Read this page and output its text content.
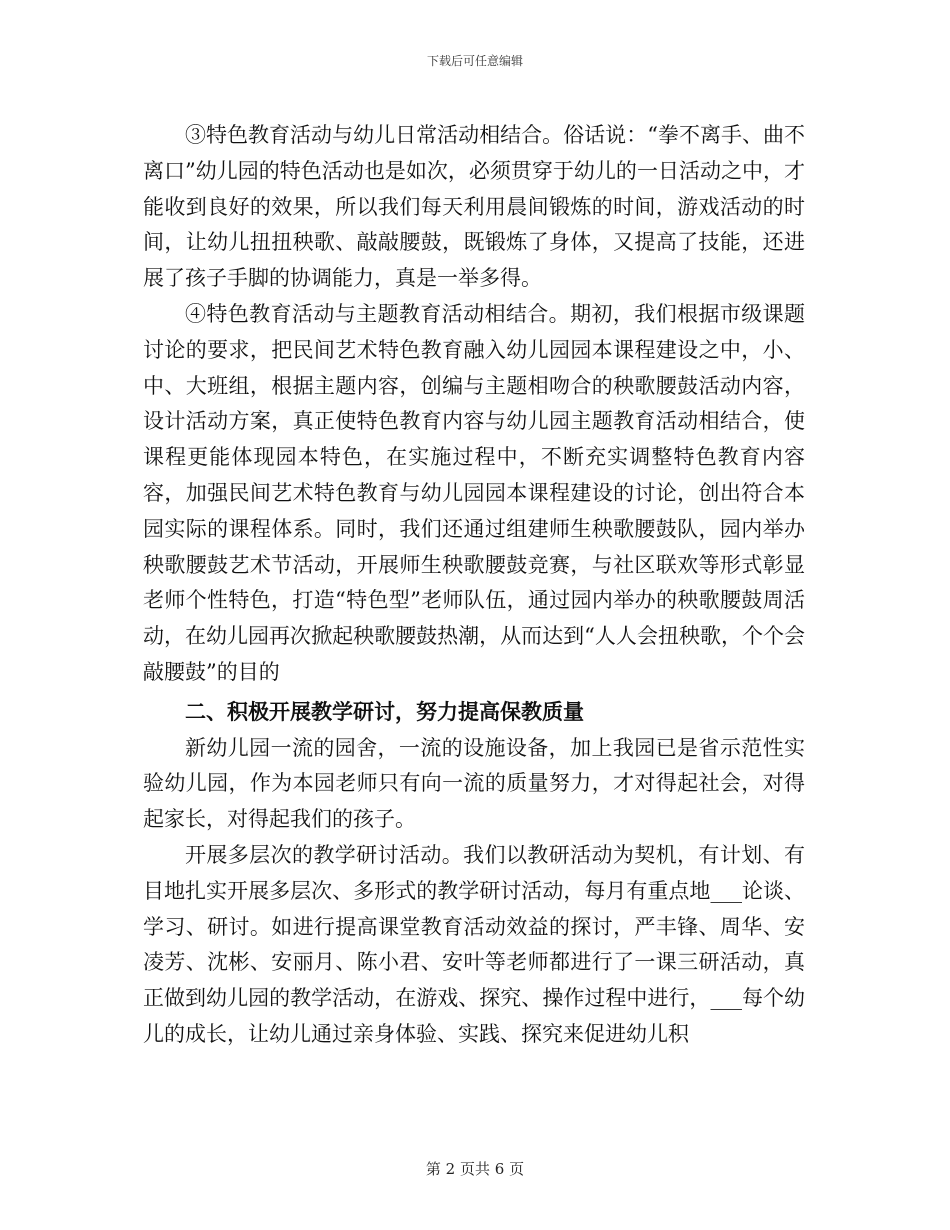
下载后可任意编辑

③特色教育活动与幼儿日常活动相结合。俗话说：“拳不离手、曲不离口”幼儿园的特色活动也是如次，必须贯穿于幼儿的一日活动之中，才能收到良好的效果，所以我们每天利用晨间锻炼的时间，游戏活动的时间，让幼儿扭扭秧歌、敲敲腰鼓，既锻炼了身体，又提高了技能，还进展了孩子手脚的协调能力，真是一举多得。

④特色教育活动与主题教育活动相结合。期初，我们根据市级课题讨论的要求，把民间艺术特色教育融入幼儿园园本课程建设之中，小、中、大班组，根据主题内容，创编与主题相吻合的秧歌腰鼓活动内容，设计活动方案，真正使特色教育内容与幼儿园主题教育活动相结合，使课程更能体现园本特色，在实施过程中，不断充实调整特色教育内容容，加强民间艺术特色教育与幼儿园园本课程建设的讨论，创出符合本园实际的课程体系。同时，我们还通过组建师生秧歌腰鼓队，园内举办秧歌腰鼓艺术节活动，开展师生秧歌腰鼓竞赛，与社区联欢等形式彰显老师个性特色，打造“特色型”老师队伍，通过园内举办的秧歌腰鼓周活动，在幼儿园再次掀起秧歌腰鼓热潮，从而达到“人人会扭秧歌，个个会敲腰鼓”的目的

二、积极开展教学研讨，努力提高保教质量

新幼儿园一流的园舍，一流的设施设备，加上我园已是省示范性实验幼儿园，作为本园老师只有向一流的质量努力，才对得起社会，对得起家长，对得起我们的孩子。

开展多层次的教学研讨活动。我们以教研活动为契机，有计划、有目地扎实开展多层次、多形式的教学研讨活动，每月有重点地___论谈、学习、研讨。如进行提高课堂教育活动效益的探讨，严丰锋、周华、安凌芳、沈彬、安丽月、陈小君、安叶等老师都进行了一课三研活动，真正做到幼儿园的教学活动，在游戏、探究、操作过程中进行，___每个幼儿的成长，让幼儿通过亲身体验、实践、探究来促进幼儿积

第 2 页共 6 页
